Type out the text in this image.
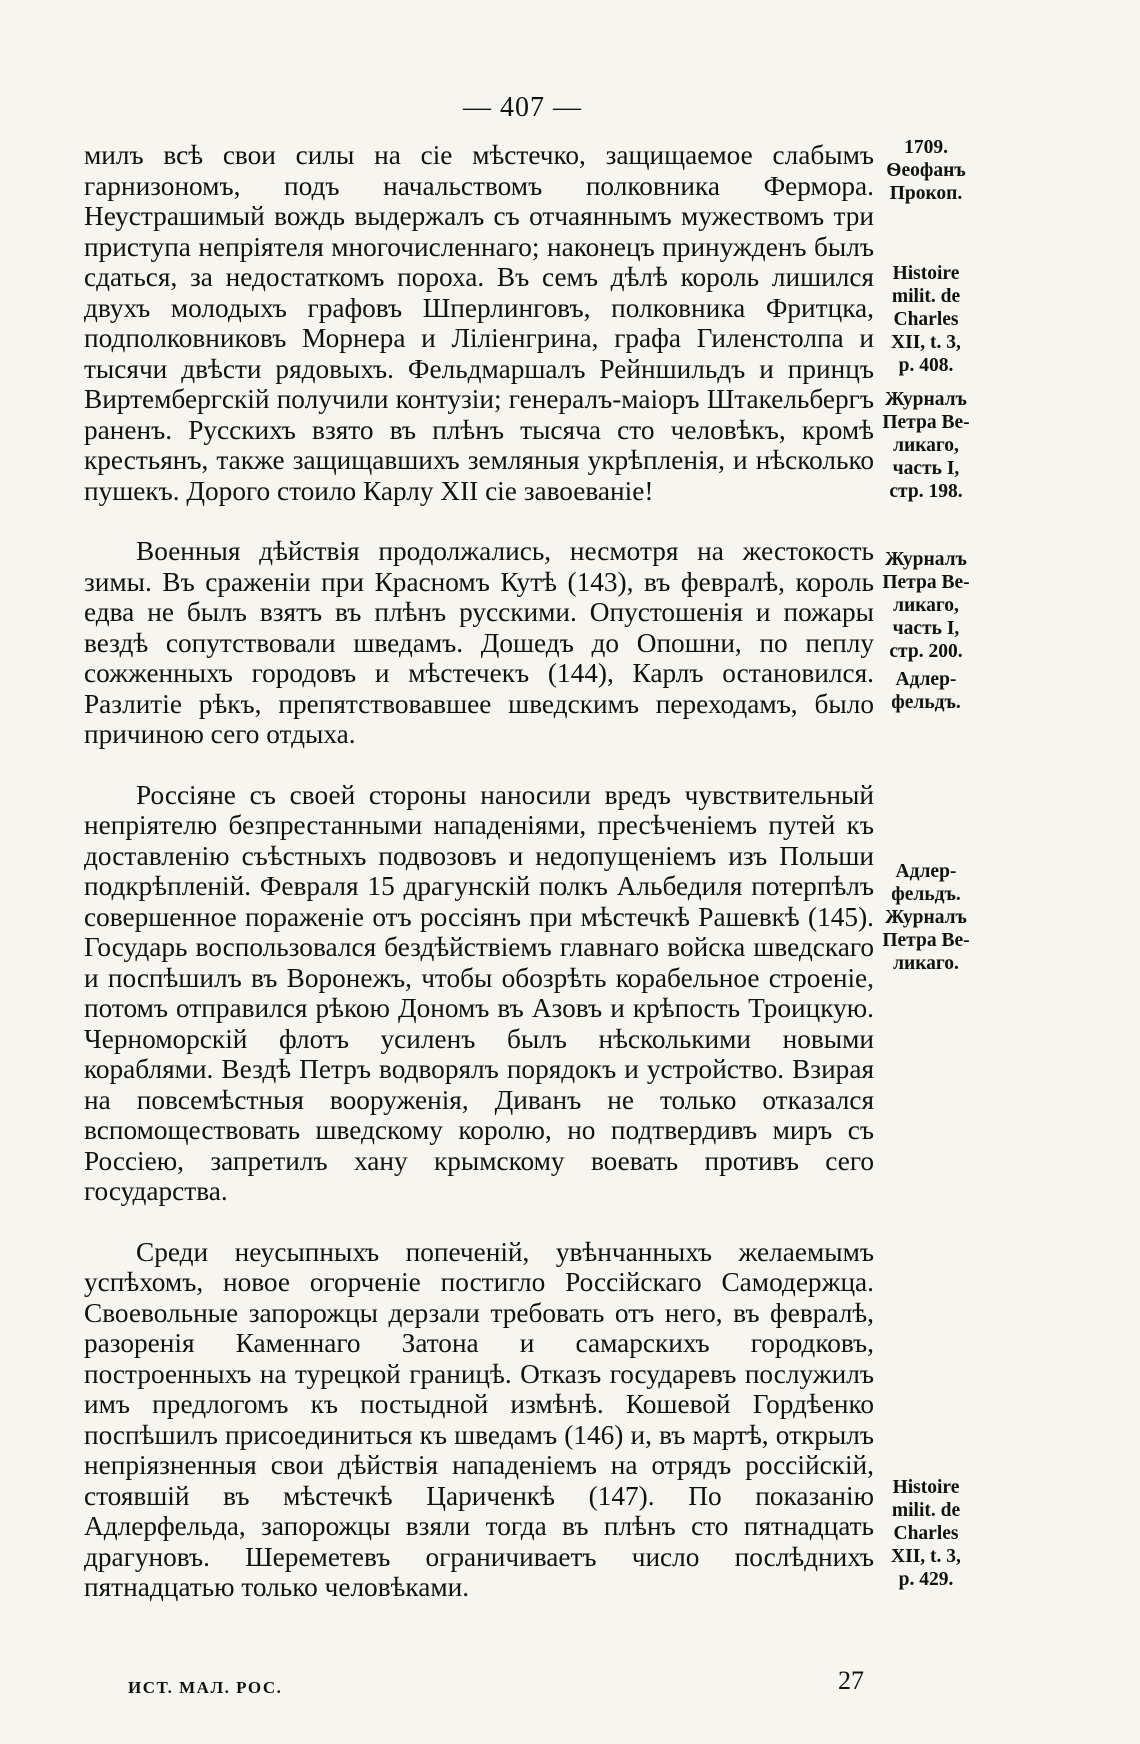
— 407 —

милъ всѣ свои силы на сіе мѣстечко, защищаемое слабымъ гарнизономъ, подъ начальствомъ полковника Фермора. Неустрашимый вождь выдержалъ съ отчаяннымъ мужествомъ три приступа непріятеля многочисленнаго; наконецъ принужденъ былъ сдаться, за недостаткомъ пороха. Въ семъ дѣлѣ король лишился двухъ молодыхъ графовъ Шперлинговъ, полковника Фритцка, подполковниковъ Морнера и Ліліенгрина, графа Гиленстолпа и тысячи двѣсти рядовыхъ. Фельдмаршалъ Рейншильдъ и принцъ Виртембергскій получили контузіи; генералъ-маіоръ Штакельбергъ раненъ. Русскихъ взято въ плѣнъ тысяча сто человѣкъ, кромѣ крестьянъ, также защищавшихъ земляныя укрѣпленія, и нѣсколько пушекъ. Дорого стоило Карлу XII сіе завоеваніе!

Военныя дѣйствія продолжались, несмотря на жестокость зимы. Въ сраженіи при Красномъ Кутѣ (143), въ февралѣ, король едва не былъ взятъ въ плѣнъ русскими. Опустошенія и пожары вездѣ сопутствовали шведамъ. Дошедъ до Опошни, по пеплу сожженныхъ городовъ и мѣстечекъ (144), Карлъ остановился. Разлитіе рѣкъ, препятствовавшее шведскимъ переходамъ, было причиною сего отдыха.

Россіяне съ своей стороны наносили вредъ чувствительный непріятелю безпрестанными нападеніями, пресѣченіемъ путей къ доставленію съѣстныхъ подвозовъ и недопущеніемъ изъ Польши подкрѣпленій. Февраля 15 драгунскій полкъ Альбедиля потерпѣлъ совершенное пораженіе отъ россіянъ при мѣстечкѣ Рашевкѣ (145). Государь воспользовался бездѣйствіемъ главнаго войска шведскаго и поспѣшилъ въ Воронежъ, чтобы обозрѣть корабельное строеніе, потомъ отправился рѣкою Дономъ въ Азовъ и крѣпость Троицкую. Черноморскій флотъ усиленъ былъ нѣсколькими новыми кораблями. Вездѣ Петръ водворялъ порядокъ и устройство. Взирая на повсемѣстныя вооруженія, Диванъ не только отказался вспомоществовать шведскому королю, но подтвердивъ миръ съ Россіею, запретилъ хану крымскому воевать противъ сего государства.

Среди неусыпныхъ попеченій, увѣнчанныхъ желаемымъ успѣхомъ, новое огорченіе постигло Россійскаго Самодержца. Своевольные запорожцы дерзали требовать отъ него, въ февралѣ, разоренія Каменнаго Затона и самарскихъ городковъ, построенныхъ на турецкой границѣ. Отказъ государевъ послужилъ имъ предлогомъ къ постыдной измѣнѣ. Кошевой Гордѣенко поспѣшилъ присоединиться къ шведамъ (146) и, въ мартѣ, открылъ непріязненныя свои дѣйствія нападеніемъ на отрядъ россійскій, стоявшій въ мѣстечкѣ Цариченкѣ (147). По показанію Адлерфельда, запорожцы взяли тогда въ плѣнъ сто пятнадцать драгуновъ. Шереметевъ ограничиваетъ число послѣднихъ пятнадцатью только человѣками.

1709.
Ѳеофанъ
Прокоп.
Histoire
milit. de
Charles
XII, t. 3,
p. 408.
Журналъ
Петра Ве-
ликаго,
часть I,
стр. 198.
Журналъ
Петра Ве-
ликаго,
часть I,
стр. 200.
Адлер-
фельдъ.
Адлер-
фельдъ.
Журналъ
Петра Ве-
ликаго.
Histoire
milit. de
Charles
XII, t. 3,
p. 429.
ИСТ. МАЛ. РОС.	27
